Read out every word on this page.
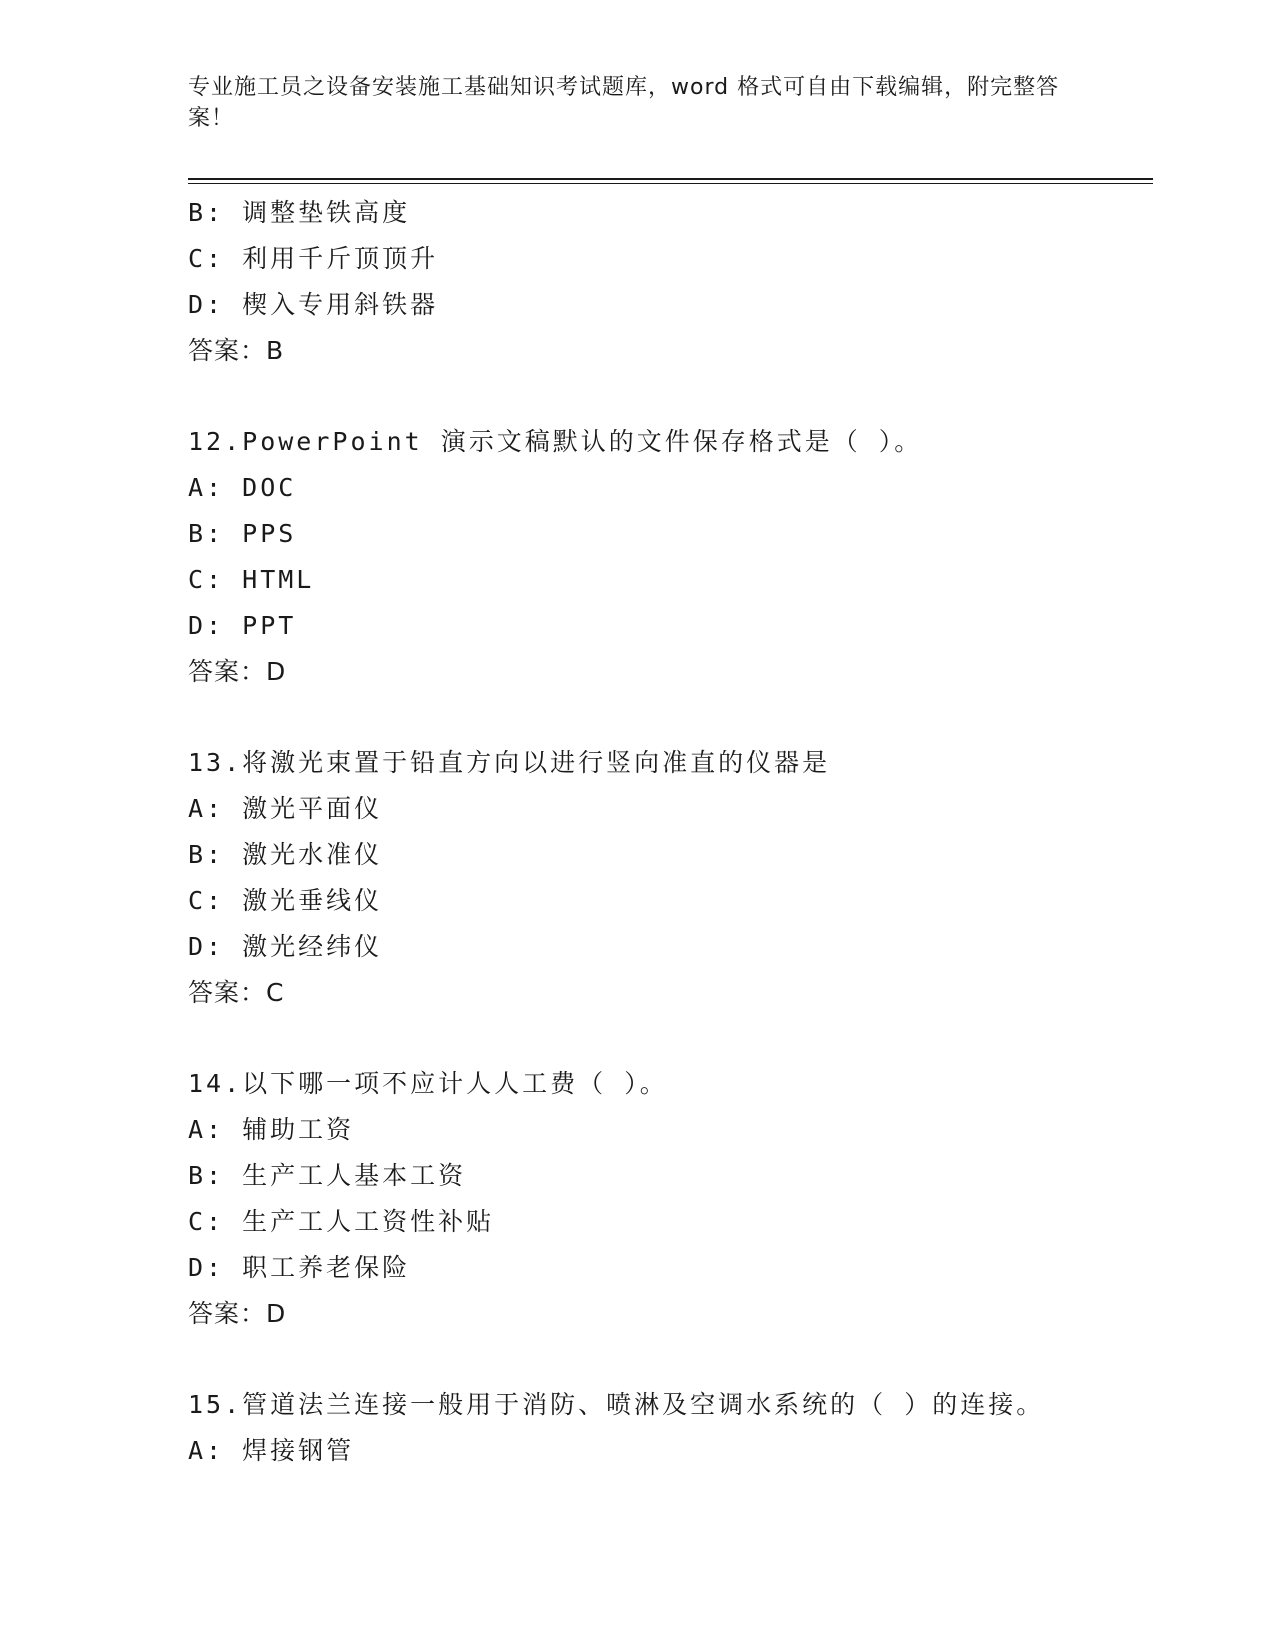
专业施工员之设备安装施工基础知识考试题库，word 格式可自由下载编辑，附完整答案！
B: 调整垫铁高度
C: 利用千斤顶顶升
D: 楔入专用斜铁器
答案：B
12.PowerPoint 演示文稿默认的文件保存格式是（ ）。
A: DOC
B: PPS
C: HTML
D: PPT
答案：D
13.将激光束置于铅直方向以进行竖向准直的仪器是
A: 激光平面仪
B: 激光水准仪
C: 激光垂线仪
D: 激光经纬仪
答案：C
14.以下哪一项不应计人人工费（ ）。
A: 辅助工资
B: 生产工人基本工资
C: 生产工人工资性补贴
D: 职工养老保险
答案：D
15.管道法兰连接一般用于消防、喷淋及空调水系统的（ ）的连接。
A: 焊接钢管
